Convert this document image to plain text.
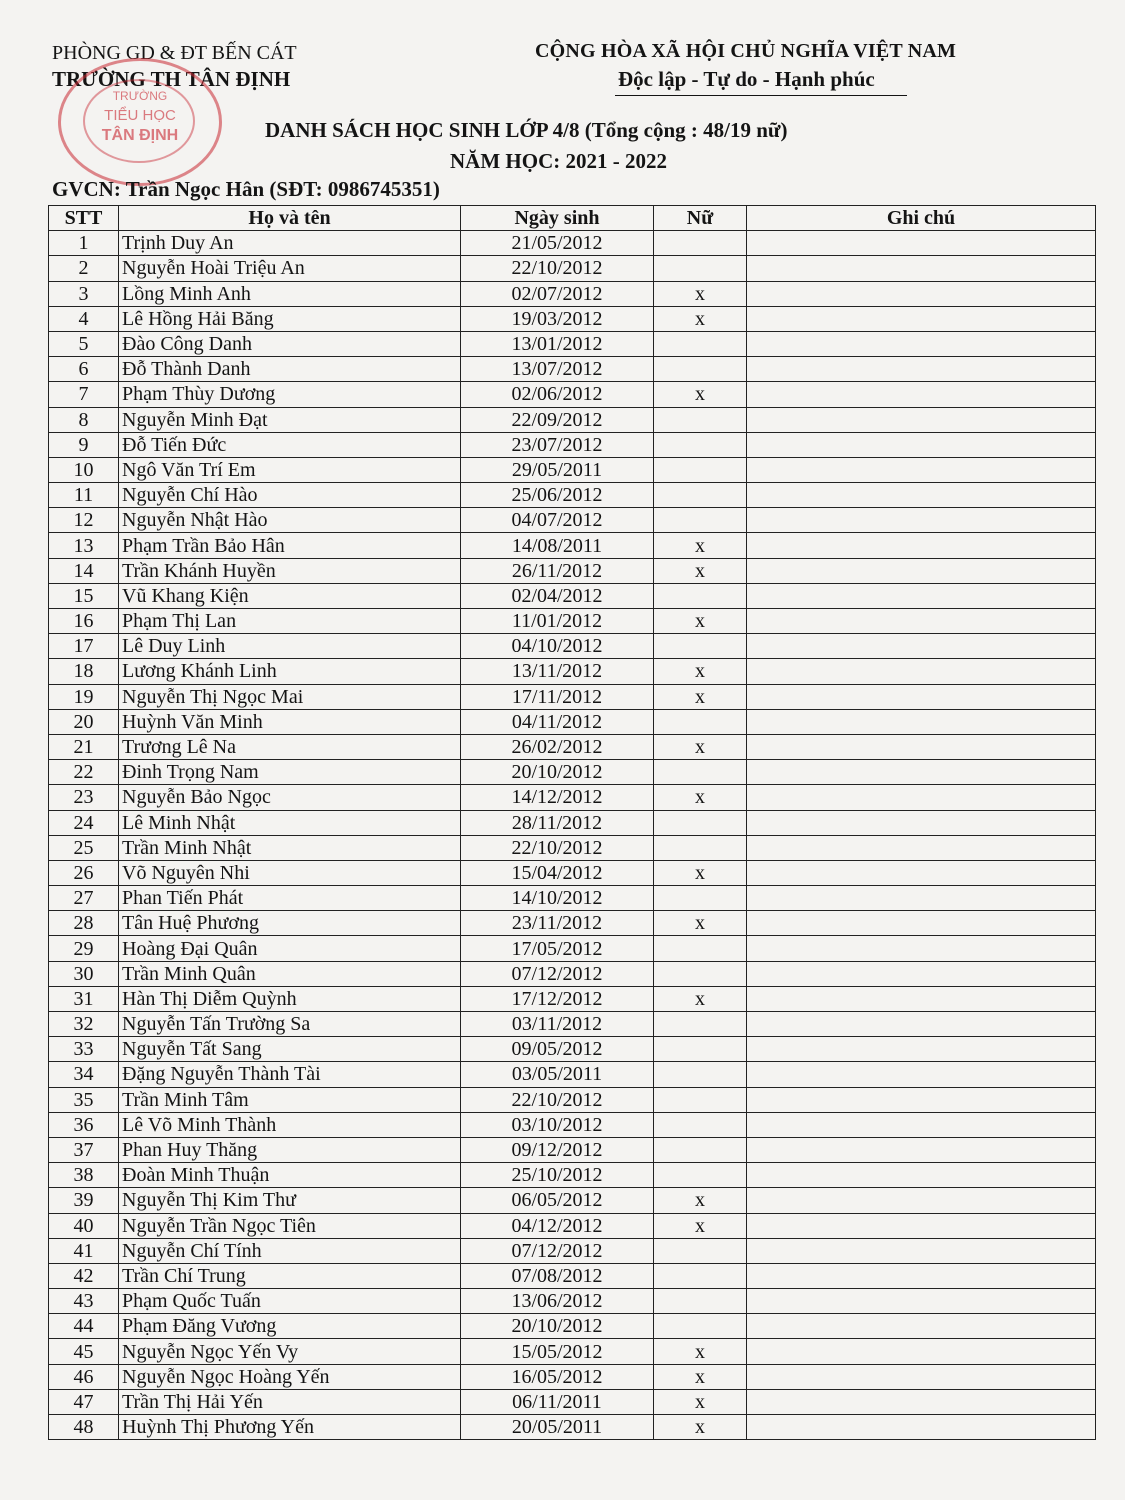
PHÒNG GD & ĐT BẾN CÁT
TRƯỜNG TH TÂN ĐỊNH
CỘNG HÒA XÃ HỘI CHỦ NGHĨA VIỆT NAM
Độc lập - Tự do - Hạnh phúc
TRƯỜNG
TIỂU HỌC
TÂN ĐỊNH	DANH SÁCH HỌC SINH LỚP 4/8 (Tổng cộng : 48/19 nữ)
NĂM HỌC: 2021 - 2022
GVCN: Trần Ngọc Hân (SĐT: 0986745351)
STT	Họ và tên	Ngày sinh	Nữ	Ghi chú
1	Trịnh Duy An	21/05/2012		
2	Nguyễn Hoài Triệu An	22/10/2012		
3	Lồng Minh Anh	02/07/2012	x	
4	Lê Hồng Hải Băng	19/03/2012	x	
5	Đào Công Danh	13/01/2012		
6	Đỗ Thành Danh	13/07/2012		
7	Phạm Thùy Dương	02/06/2012	x	
8	Nguyễn Minh Đạt	22/09/2012		
9	Đỗ Tiến Đức	23/07/2012		
10	Ngô Văn Trí Em	29/05/2011		
11	Nguyễn Chí Hào	25/06/2012		
12	Nguyễn Nhật Hào	04/07/2012		
13	Phạm Trần Bảo Hân	14/08/2011	x	
14	Trần Khánh Huyền	26/11/2012	x	
15	Vũ Khang Kiện	02/04/2012		
16	Phạm Thị Lan	11/01/2012	x	
17	Lê Duy Linh	04/10/2012		
18	Lương Khánh Linh	13/11/2012	x	
19	Nguyễn Thị Ngọc Mai	17/11/2012	x	
20	Huỳnh Văn Minh	04/11/2012		
21	Trương Lê Na	26/02/2012	x	
22	Đinh Trọng Nam	20/10/2012		
23	Nguyễn Bảo Ngọc	14/12/2012	x	
24	Lê Minh Nhật	28/11/2012		
25	Trần Minh Nhật	22/10/2012		
26	Võ Nguyên Nhi	15/04/2012	x	
27	Phan Tiến Phát	14/10/2012		
28	Tân Huệ Phương	23/11/2012	x	
29	Hoàng Đại Quân	17/05/2012		
30	Trần Minh Quân	07/12/2012		
31	Hàn Thị Diễm Quỳnh	17/12/2012	x	
32	Nguyễn Tấn Trường Sa	03/11/2012		
33	Nguyễn Tất Sang	09/05/2012		
34	Đặng Nguyễn Thành Tài	03/05/2011		
35	Trần Minh Tâm	22/10/2012		
36	Lê Võ Minh Thành	03/10/2012		
37	Phan Huy Thăng	09/12/2012		
38	Đoàn Minh Thuận	25/10/2012		
39	Nguyễn Thị Kim Thư	06/05/2012	x	
40	Nguyễn Trần Ngọc Tiên	04/12/2012	x	
41	Nguyễn Chí Tính	07/12/2012		
42	Trần Chí Trung	07/08/2012		
43	Phạm Quốc Tuấn	13/06/2012		
44	Phạm Đăng Vương	20/10/2012		
45	Nguyễn Ngọc Yến Vy	15/05/2012	x	
46	Nguyễn Ngọc Hoàng Yến	16/05/2012	x	
47	Trần Thị Hải Yến	06/11/2011	x	
48	Huỳnh Thị Phương Yến	20/05/2011	x	
